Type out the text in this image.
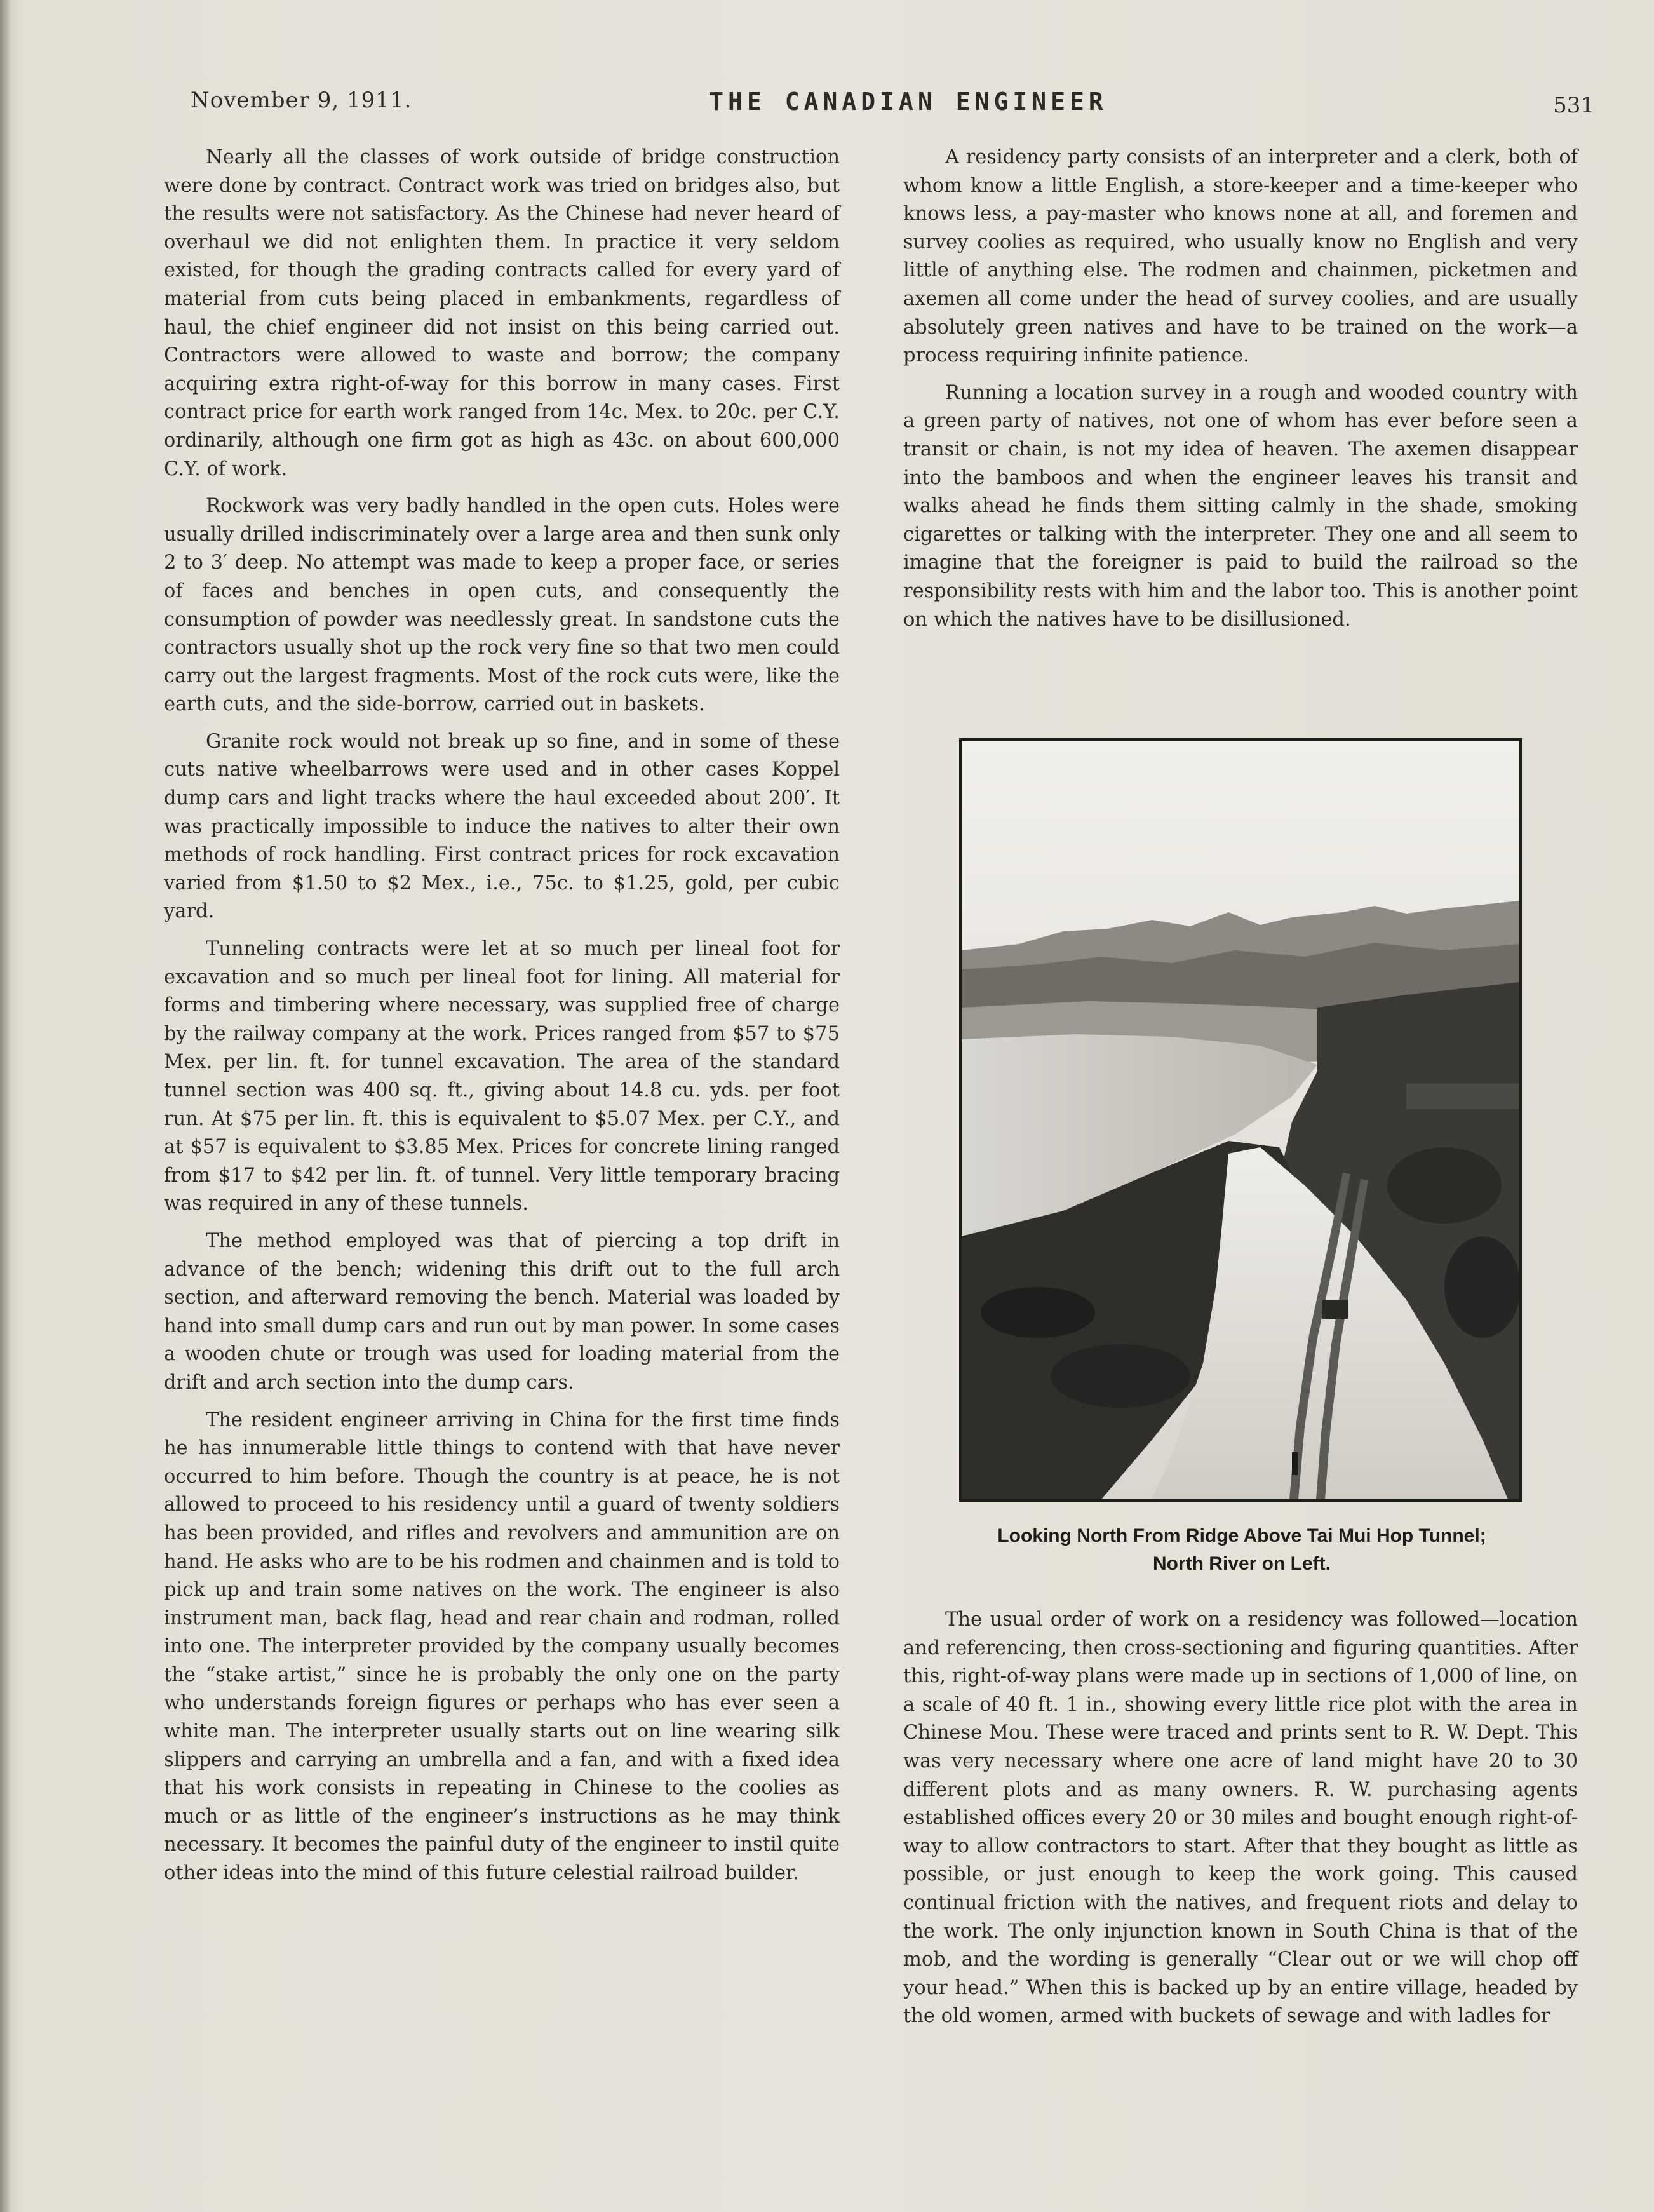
November 9, 1911.	THE CANADIAN ENGINEER	531

Nearly all the classes of work outside of bridge construction were done by contract. Contract work was tried on bridges also, but the results were not satisfactory. As the Chinese had never heard of overhaul we did not enlighten them. In practice it very seldom existed, for though the grading contracts called for every yard of material from cuts being placed in embankments, regardless of haul, the chief engineer did not insist on this being carried out. Contractors were allowed to waste and borrow; the company acquiring extra right-of-way for this borrow in many cases. First contract price for earth work ranged from 14c. Mex. to 20c. per C.Y. ordinarily, although one firm got as high as 43c. on about 600,000 C.Y. of work.

Rockwork was very badly handled in the open cuts. Holes were usually drilled indiscriminately over a large area and then sunk only 2 to 3′ deep. No attempt was made to keep a proper face, or series of faces and benches in open cuts, and consequently the consumption of powder was needlessly great. In sandstone cuts the contractors usually shot up the rock very fine so that two men could carry out the largest fragments. Most of the rock cuts were, like the earth cuts, and the side-borrow, carried out in baskets.

Granite rock would not break up so fine, and in some of these cuts native wheelbarrows were used and in other cases Koppel dump cars and light tracks where the haul exceeded about 200′. It was practically impossible to induce the natives to alter their own methods of rock handling. First contract prices for rock excavation varied from $1.50 to $2 Mex., i.e., 75c. to $1.25, gold, per cubic yard.

Tunneling contracts were let at so much per lineal foot for excavation and so much per lineal foot for lining. All material for forms and timbering where necessary, was supplied free of charge by the railway company at the work. Prices ranged from $57 to $75 Mex. per lin. ft. for tunnel excavation. The area of the standard tunnel section was 400 sq. ft., giving about 14.8 cu. yds. per foot run. At $75 per lin. ft. this is equivalent to $5.07 Mex. per C.Y., and at $57 is equivalent to $3.85 Mex. Prices for concrete lining ranged from $17 to $42 per lin. ft. of tunnel. Very little temporary bracing was required in any of these tunnels.

The method employed was that of piercing a top drift in advance of the bench; widening this drift out to the full arch section, and afterward removing the bench. Material was loaded by hand into small dump cars and run out by man power. In some cases a wooden chute or trough was used for loading material from the drift and arch section into the dump cars.

The resident engineer arriving in China for the first time finds he has innumerable little things to contend with that have never occurred to him before. Though the country is at peace, he is not allowed to proceed to his residency until a guard of twenty soldiers has been provided, and rifles and revolvers and ammunition are on hand. He asks who are to be his rodmen and chainmen and is told to pick up and train some natives on the work. The engineer is also instrument man, back flag, head and rear chain and rodman, rolled into one. The interpreter provided by the company usually becomes the “stake artist,” since he is probably the only one on the party who understands foreign figures or perhaps who has ever seen a white man. The interpreter usually starts out on line wearing silk slippers and carrying an umbrella and a fan, and with a fixed idea that his work consists in repeating in Chinese to the coolies as much or as little of the engineer’s instructions as he may think necessary. It becomes the painful duty of the engineer to instil quite other ideas into the mind of this future celestial railroad builder.

A residency party consists of an interpreter and a clerk, both of whom know a little English, a store-keeper and a time-keeper who knows less, a pay-master who knows none at all, and foremen and survey coolies as required, who usually know no English and very little of anything else. The rodmen and chainmen, picketmen and axemen all come under the head of survey coolies, and are usually absolutely green natives and have to be trained on the work—a process requiring infinite patience.

Running a location survey in a rough and wooded country with a green party of natives, not one of whom has ever before seen a transit or chain, is not my idea of heaven. The axemen disappear into the bamboos and when the engineer leaves his transit and walks ahead he finds them sitting calmly in the shade, smoking cigarettes or talking with the interpreter. They one and all seem to imagine that the foreigner is paid to build the railroad so the responsibility rests with him and the labor too. This is another point on which the natives have to be disillusioned.

Looking North From Ridge Above Tai Mui Hop Tunnel;
North River on Left.

The usual order of work on a residency was followed—location and referencing, then cross-sectioning and figuring quantities. After this, right-of-way plans were made up in sections of 1,000 of line, on a scale of 40 ft. 1 in., showing every little rice plot with the area in Chinese Mou. These were traced and prints sent to R. W. Dept. This was very necessary where one acre of land might have 20 to 30 different plots and as many owners. R. W. purchasing agents established offices every 20 or 30 miles and bought enough right-of-way to allow contractors to start. After that they bought as little as possible, or just enough to keep the work going. This caused continual friction with the natives, and frequent riots and delay to the work. The only injunction known in South China is that of the mob, and the wording is generally “Clear out or we will chop off your head.” When this is backed up by an entire village, headed by the old women, armed with buckets of sewage and with ladles for
